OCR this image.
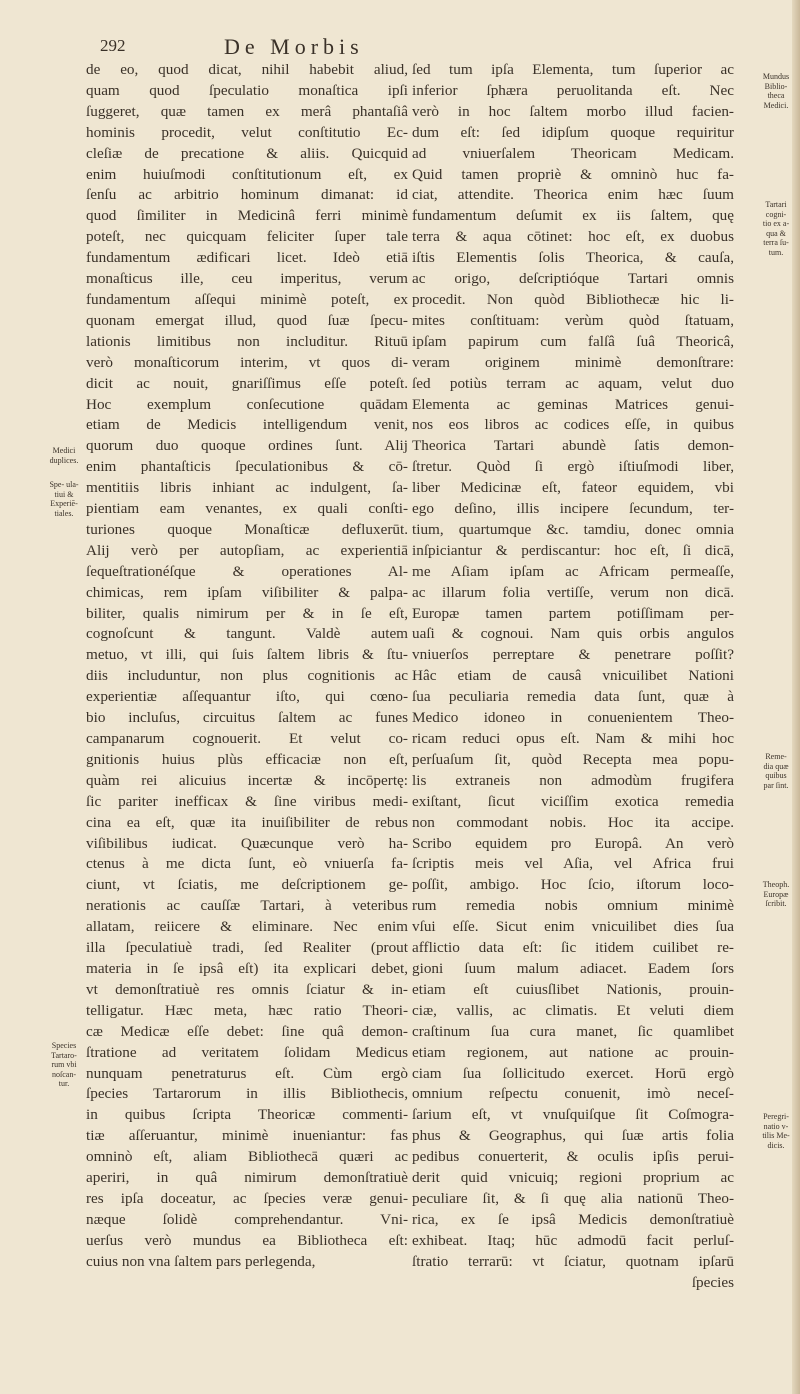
292	De Morbis
de eo, quod dicat, nihil habebit aliud,
quam quod ſpeculatio monaſtica ipſi
ſuggeret, quæ tamen ex merâ phantaſiâ
hominis procedit, velut conſtitutio Ec-
cleſiæ de precatione & aliis. Quicquid
enim huiuſmodi conſtitutionum eſt, ex
ſenſu ac arbitrio hominum dimanat: id
quod ſimiliter in Medicinâ ferri minimè
poteſt, nec quicquam feliciter ſuper tale
fundamentum ædificari licet. Ideò etiā
monaſticus ille, ceu imperitus, verum
fundamentum aſſequi minimè poteſt, ex
quonam emergat illud, quod ſuæ ſpecu-
lationis limitibus non includitur. Rituū
verò monaſticorum interim, vt quos di-
dicit ac nouit, gnariſſimus eſſe poteſt.
Hoc exemplum conſecutione quādam
etiam de Medicis intelligendum venit,
quorum duo quoque ordines ſunt. Alij
enim phantaſticis ſpeculationibus & cō-
mentitiis libris inhiant ac indulgent, ſa-
pientiam eam venantes, ex quali conſti-
turiones quoque Monaſticæ defluxerūt.
Alij verò per autopſiam, ac experientiā
ſequeſtrationéſque & operationes Al-
chimicas, rem ipſam viſibiliter & palpa-
biliter, qualis nimirum per & in ſe eſt,
cognoſcunt & tangunt. Valdè autem
metuo, vt illi, qui ſuis ſaltem libris & ſtu-
diis includuntur, non plus cognitionis ac
experientiæ aſſequantur iſto, qui cœno-
bio incluſus, circuitus ſaltem ac funes
campanarum cognouerit. Et velut co-
gnitionis huius plùs efficaciæ non eſt,
quàm rei alicuius incertæ & incōpertę:
ſic pariter inefficax & ſine viribus medi-
cina ea eſt, quæ ita inuiſibiliter de rebus
viſibilibus iudicat. Quæcunque verò ha-
ctenus à me dicta ſunt, eò vniuerſa fa-
ciunt, vt ſciatis, me deſcriptionem ge-
nerationis ac cauſſæ Tartari, à veteribus
allatam, reiicere & eliminare. Nec enim
illa ſpeculatiuè tradi, ſed Realiter (prout
materia in ſe ipsâ eſt) ita explicari debet,
vt demonſtratiuè res omnis ſciatur & in-
telligatur. Hæc meta, hæc ratio Theori-
cæ Medicæ eſſe debet: ſine quâ demon-
ſtratione ad veritatem ſolidam Medicus
nunquam penetraturus eſt. Cùm ergò
ſpecies Tartarorum in illis Bibliothecis,
in quibus ſcripta Theoricæ commenti-
tiæ aſſeruantur, minimè inueniantur: fas
omninò eſt, aliam Bibliothecā quæri ac
aperiri, in quâ nimirum demonſtratiuè
res ipſa doceatur, ac ſpecies veræ genui-
næque ſolidè comprehendantur. Vni-
uerſus verò mundus ea Bibliotheca eſt:
cuius non vna ſaltem pars perlegenda,
ſed tum ipſa Elementa, tum ſuperior ac
inferior ſphæra peruolitanda eſt. Nec
verò in hoc ſaltem morbo illud facien-
dum eſt: ſed idipſum quoque requiritur
ad vniuerſalem Theoricam Medicam.
Quid tamen propriè & omninò huc fa-
ciat, attendite. Theorica enim hæc ſuum
fundamentum deſumit ex iis ſaltem, quę
terra & aqua cōtinet: hoc eſt, ex duobus
iſtis Elementis ſolis Theorica, & cauſa,
ac origo, deſcriptióque Tartari omnis
procedit. Non quòd Bibliothecæ hic li-
mites conſtituam: verùm quòd ſtatuam,
ipſam papirum cum falſâ ſuâ Theoricâ,
veram originem minimè demonſtrare:
ſed potiùs terram ac aquam, velut duo
Elementa ac geminas Matrices genui-
nos eos libros ac codices eſſe, in quibus
Theorica Tartari abundè ſatis demon-
ſtretur. Quòd ſi ergò iſtiuſmodi liber,
liber Medicinæ eſt, fateor equidem, vbi
ego deſino, illis incipere ſecundum, ter-
tium, quartumque &c. tamdiu, donec omnia
inſpiciantur & perdiscantur: hoc eſt, ſi dicā,
me Aſiam ipſam ac Africam permeaſſe,
ac illarum folia vertiſſe, verum non dicā.
Europæ tamen partem potiſſimam per-
uaſi & cognoui. Nam quis orbis angulos
vniuerſos perreptare & penetrare poſſit?
Hâc etiam de causâ vnicuilibet Nationi
ſua peculiaria remedia data ſunt, quæ à
Medico idoneo in conuenientem Theo-
ricam reduci opus eſt. Nam & mihi hoc
perſuaſum ſit, quòd Recepta mea popu-
lis extraneis non admodùm frugifera
exiſtant, ſicut viciſſim exotica remedia
non commodant nobis. Hoc ita accipe.
Scribo equidem pro Europâ. An verò
ſcriptis meis vel Aſia, vel Africa frui
poſſit, ambigo. Hoc ſcio, iſtorum loco-
rum remedia nobis omnium minimè
vſui eſſe. Sicut enim vnicuilibet dies ſua
afflictio data eſt: ſic itidem cuilibet re-
gioni ſuum malum adiacet. Eadem ſors
etiam eſt cuiusſlibet Nationis, prouin-
ciæ, vallis, ac climatis. Et veluti diem
craſtinum ſua cura manet, ſic quamlibet
etiam regionem, aut natione ac prouin-
ciam ſua ſollicitudo exercet. Horū ergò
omnium reſpectu conuenit, imò neceſ-
ſarium eſt, vt vnuſquiſque ſit Coſmogra-
phus & Geographus, qui ſuæ artis folia
pedibus conuerterit, & oculis ipſis perui-
derit quid vnicuiq; regioni proprium ac
peculiare ſit, & ſi quę alia nationū Theo-
rica, ex ſe ipsâ Medicis demonſtratiuè
exhibeat. Itaq; hūc admodū facit perluſ-
ſtratio terrarū: vt ſciatur, quotnam ipſarū
ſpecies
Medici
duplices.
Spe- ula-
tiui &
Experiē-
tiales.
Species
Tartaro-
rum vbi
noſcan-
tur.
Mundus
Biblio-
theca
Medici.
Tartari
cogni-
tio ex a-
qua &
terra ſu-
tum.
Reme-
dia quæ
quibus
par ſint.
Theoph.
Europæ
ſcribit.
Peregri-
natio v-
tilis Me-
dicis.
